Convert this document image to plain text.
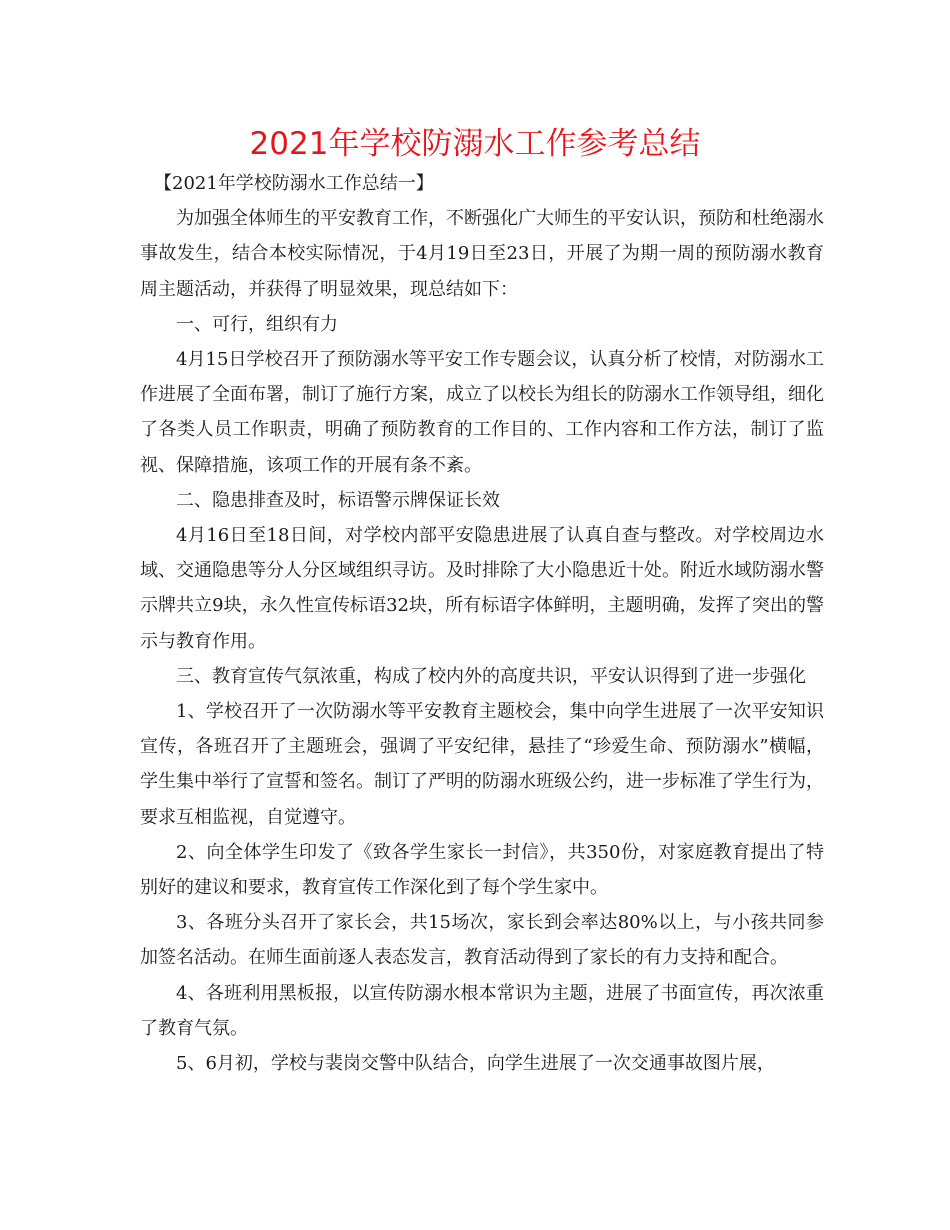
2021年学校防溺水工作参考总结

【2021年学校防溺水工作总结一】

为加强全体师生的平安教育工作，不断强化广大师生的平安认识，预防和杜绝溺水事故发生，结合本校实际情况，于4月19日至23日，开展了为期一周的预防溺水教育周主题活动，并获得了明显效果，现总结如下：

一、可行，组织有力

4月15日学校召开了预防溺水等平安工作专题会议，认真分析了校情，对防溺水工作进展了全面布署，制订了施行方案，成立了以校长为组长的防溺水工作领导组，细化了各类人员工作职责，明确了预防教育的工作目的、工作内容和工作方法，制订了监视、保障措施，该项工作的开展有条不紊。

二、隐患排查及时，标语警示牌保证长效

4月16日至18日间，对学校内部平安隐患进展了认真自查与整改。对学校周边水域、交通隐患等分人分区域组织寻访。及时排除了大小隐患近十处。附近水域防溺水警示牌共立9块，永久性宣传标语32块，所有标语字体鲜明，主题明确，发挥了突出的警示与教育作用。

三、教育宣传气氛浓重，构成了校内外的高度共识，平安认识得到了进一步强化

1、学校召开了一次防溺水等平安教育主题校会，集中向学生进展了一次平安知识宣传，各班召开了主题班会，强调了平安纪律，悬挂了“珍爱生命、预防溺水”横幅，学生集中举行了宣誓和签名。制订了严明的防溺水班级公约，进一步标准了学生行为，要求互相监视，自觉遵守。

2、向全体学生印发了《致各学生家长一封信》，共350份，对家庭教育提出了特别好的建议和要求，教育宣传工作深化到了每个学生家中。

3、各班分头召开了家长会，共15场次，家长到会率达80%以上，与小孩共同参加签名活动。在师生面前逐人表态发言，教育活动得到了家长的有力支持和配合。

4、各班利用黑板报，以宣传防溺水根本常识为主题，进展了书面宣传，再次浓重了教育气氛。

5、6月初，学校与裴岗交警中队结合，向学生进展了一次交通事故图片展，
